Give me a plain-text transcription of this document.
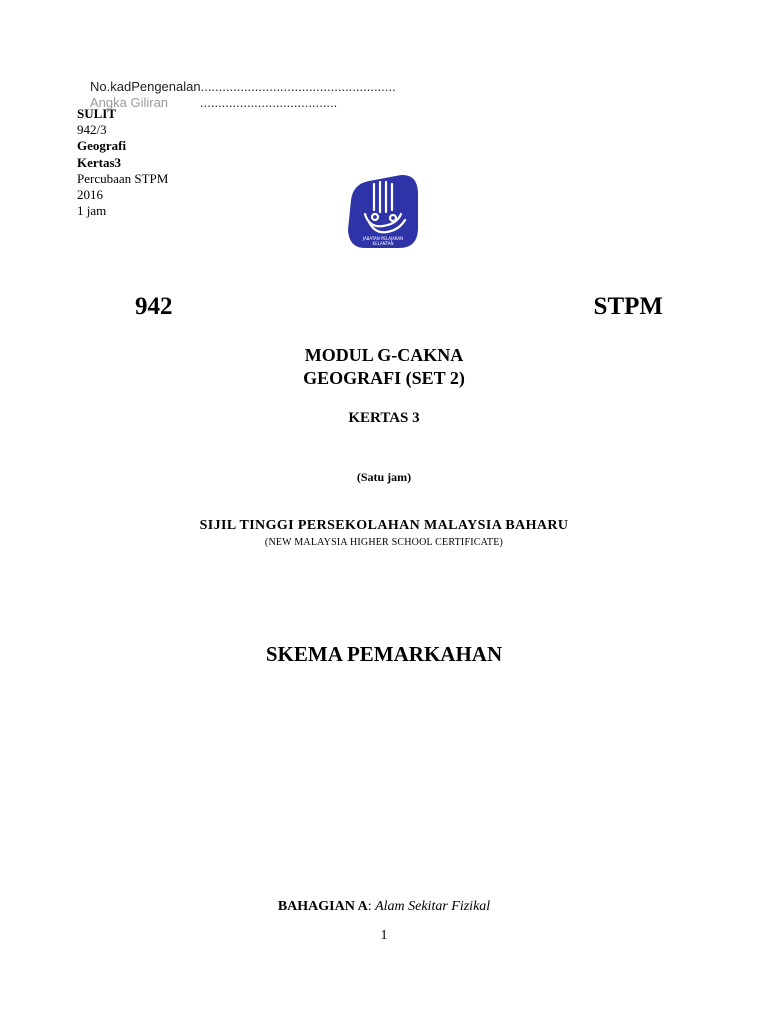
No.kadPengenalan......................................................
Angka Giliran ......................................
SULIT
942/3
Geografi
Kertas3
Percubaan STPM
2016
1 jam
JABATAN PELAJARAN
KELANTAN
942	STPM
MODUL G-CAKNA
GEOGRAFI (SET 2)
KERTAS 3
(Satu jam)
SIJIL TINGGI PERSEKOLAHAN MALAYSIA BAHARU
(NEW MALAYSIA HIGHER SCHOOL CERTIFICATE)
SKEMA PEMARKAHAN
BAHAGIAN A: Alam Sekitar Fizikal
1
